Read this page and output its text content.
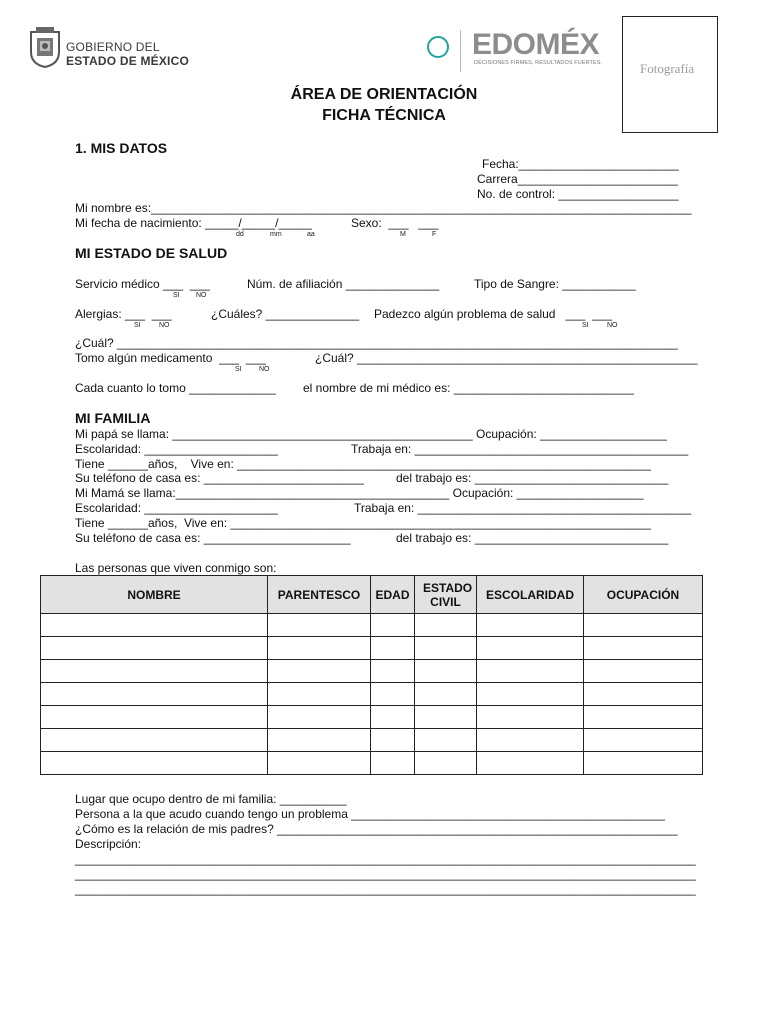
GOBIERNO DEL
ESTADO DE MÉXICO	EDOMÉX
DECISIONES FIRMES, RESULTADOS FUERTES.	Fotografía
ÁREA DE ORIENTACIÓN
FICHA TÉCNICA
1. MIS DATOS
Fecha:________________________
Carrera________________________
No. de control: __________________
Mi nombre es:_________________________________________________________________________________
Mi fecha de nacimiento: _____/_____/_____
dd	mm	aa
Sexo:  ___   ___
M	F
MI ESTADO DE SALUD
Servicio médico ___  ___
SI NO
Núm. de afiliación ______________	Tipo de Sangre: ___________
Alergias: ___  ___
SI	NO
¿Cuáles? ______________ Padezco algún problema de salud   ___  ___
SI	NO
¿Cuál? ____________________________________________________________________________________
Tomo algún medicamento  ___  ___
SI NO
¿Cuál? ___________________________________________________
Cada cuanto lo tomo _____________ el nombre de mi médico es: ___________________________
MI FAMILIA
Mi papá se llama: _____________________________________________ Ocupación: ___________________
Escolaridad: ____________________	Trabaja en: _________________________________________
Tiene ______años,    Vive en: ______________________________________________________________
Su teléfono de casa es: ________________________	del trabajo es: _____________________________
Mi Mamá se llama:_________________________________________ Ocupación: ___________________
Escolaridad: ____________________	Trabaja en: _________________________________________
Tiene ______años,  Vive en: _______________________________________________________________
Su teléfono de casa es: ______________________	del trabajo es: _____________________________
Las personas que viven conmigo son:
NOMBRE	PARENTESCO	EDAD	ESTADO CIVIL	ESCOLARIDAD	OCUPACIÓN

Lugar que ocupo dentro de mi familia: __________
Persona a la que acudo cuando tengo un problema _______________________________________________
¿Cómo es la relación de mis padres? ____________________________________________________________
Descripción:
_____________________________________________________________________________________________
_____________________________________________________________________________________________
_____________________________________________________________________________________________
